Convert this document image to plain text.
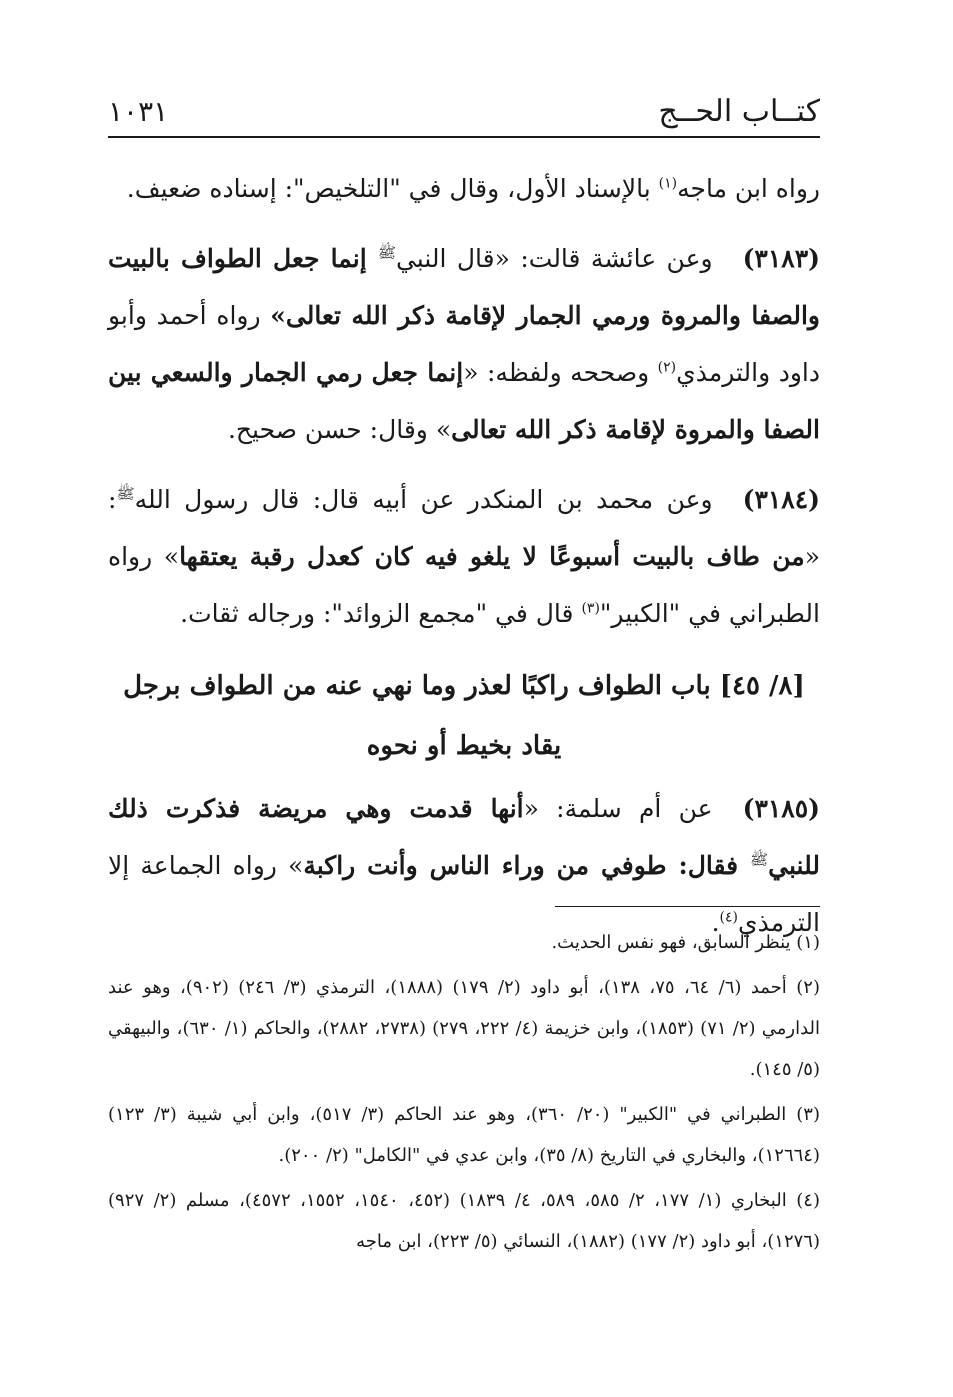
كتــاب الحــج
١٠٣١

رواه ابن ماجه$^{(١)}$ بالإسناد الأول، وقال في "التلخيص": إسناده ضعيف.

(٣١٨٣)وعن عائشة قالت: «قال النبي$^ﷺ$ إنما جعل الطواف بالبيت والصفا والمروة ورمي الجمار لإقامة ذكر الله تعالى» رواه أحمد وأبو داود والترمذي$^{(٢)}$ وصححه ولفظه: «إنما جعل رمي الجمار والسعي بين الصفا والمروة لإقامة ذكر الله تعالى» وقال: حسن صحيح.

(٣١٨٤)وعن محمد بن المنكدر عن أبيه قال: قال رسول الله$^ﷺ$: «من طاف بالبيت أسبوعًا لا يلغو فيه كان كعدل رقبة يعتقها» رواه الطبراني في "الكبير"$^{(٣)}$ قال في "مجمع الزوائد": ورجاله ثقات.

[٨/ ٤٥] باب الطواف راكبًا لعذر وما نهي عنه من الطواف برجل
يقاد بخيط أو نحوه

(٣١٨٥)عن أم سلمة: «أنها قدمت وهي مريضة فذكرت ذلك للنبي$^ﷺ$ فقال: طوفي من وراء الناس وأنت راكبة» رواه الجماعة إلا الترمذي$^{(٤)}$.

(١) ينظر السابق، فهو نفس الحديث.

(٢) أحمد (٦/ ٦٤، ٧٥، ١٣٨)، أبو داود (٢/ ١٧٩) (١٨٨٨)، الترمذي (٣/ ٢٤٦) (٩٠٢)، وهو عند الدارمي (٢/ ٧١) (١٨٥٣)، وابن خزيمة (٤/ ٢٢٢، ٢٧٩) (٢٧٣٨، ٢٨٨٢)، والحاكم (١/ ٦٣٠)، والبيهقي (٥/ ١٤٥).

(٣) الطبراني في "الكبير" (٢٠/ ٣٦٠)، وهو عند الحاكم (٣/ ٥١٧)، وابن أبي شيبة (٣/ ١٢٣) (١٢٦٦٤)، والبخاري في التاريخ (٨/ ٣٥)، وابن عدي في "الكامل" (٢/ ٢٠٠).

(٤) البخاري (١/ ١٧٧، ٢/ ٥٨٥، ٥٨٩، ٤/ ١٨٣٩) (٤٥٢، ١٥٤٠، ١٥٥٢، ٤٥٧٢)، مسلم (٢/ ٩٢٧) (١٢٧٦)، أبو داود (٢/ ١٧٧) (١٨٨٢)، النسائي (٥/ ٢٢٣)، ابن ماجه
